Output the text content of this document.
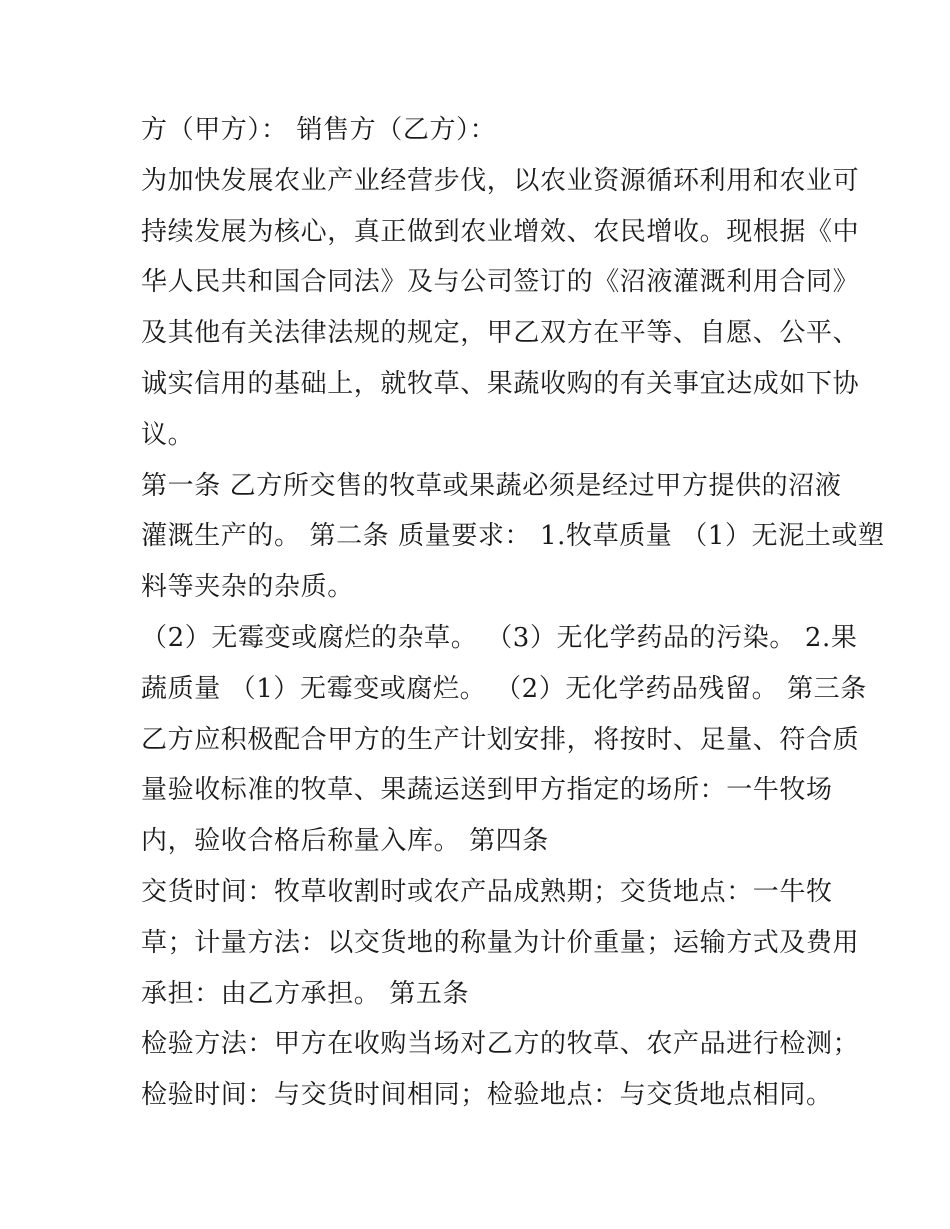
方（甲方）： 销售方（乙方）：
为加快发展农业产业经营步伐，以农业资源循环利用和农业可
持续发展为核心，真正做到农业增效、农民增收。现根据《中
华人民共和国合同法》及与公司签订的《沼液灌溉利用合同》
及其他有关法律法规的规定，甲乙双方在平等、自愿、公平、
诚实信用的基础上，就牧草、果蔬收购的有关事宜达成如下协
议。
第一条 乙方所交售的牧草或果蔬必须是经过甲方提供的沼液
灌溉生产的。 第二条 质量要求： 1.牧草质量 （1）无泥土或塑
料等夹杂的杂质。
（2）无霉变或腐烂的杂草。 （3）无化学药品的污染。 2.果
蔬质量 （1）无霉变或腐烂。 （2）无化学药品残留。 第三条
乙方应积极配合甲方的生产计划安排，将按时、足量、符合质
量验收标准的牧草、果蔬运送到甲方指定的场所：一牛牧场
内，验收合格后称量入库。 第四条
交货时间：牧草收割时或农产品成熟期；交货地点：一牛牧
草；计量方法：以交货地的称量为计价重量；运输方式及费用
承担：由乙方承担。 第五条
检验方法：甲方在收购当场对乙方的牧草、农产品进行检测；
检验时间：与交货时间相同；检验地点：与交货地点相同。
